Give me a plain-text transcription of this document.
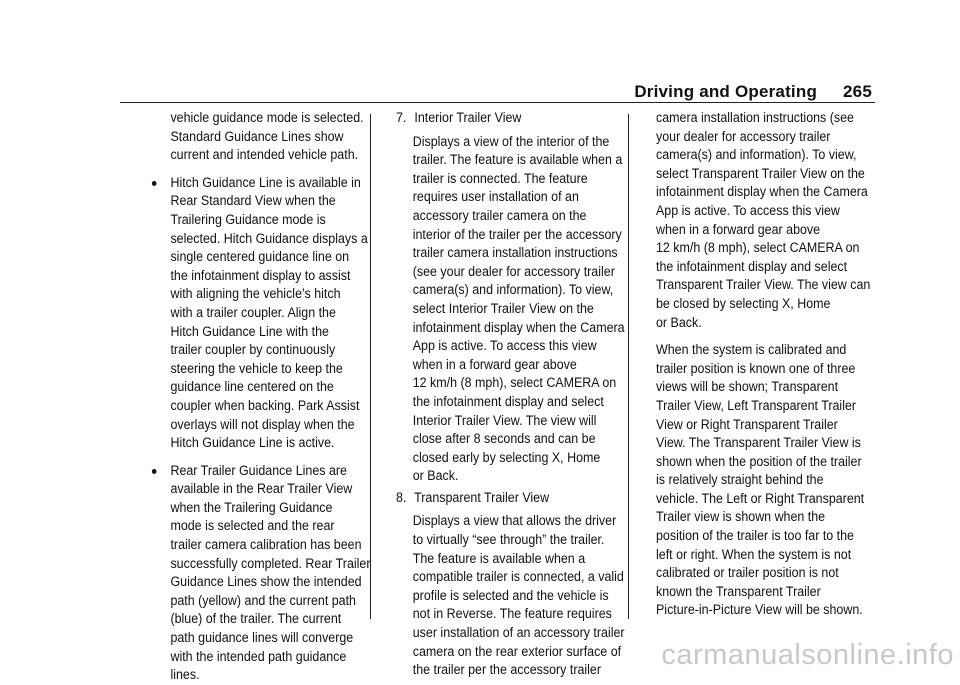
Driving and Operating 265
vehicle guidance mode is selected.
Standard Guidance Lines show
current and intended vehicle path.
Hitch Guidance Line is available in
Rear Standard View when the
Trailering Guidance mode is
selected. Hitch Guidance displays a
single centered guidance line on
the infotainment display to assist
with aligning the vehicle’s hitch
with a trailer coupler. Align the
Hitch Guidance Line with the
trailer coupler by continuously
steering the vehicle to keep the
guidance line centered on the
coupler when backing. Park Assist
overlays will not display when the
Hitch Guidance Line is active.
Rear Trailer Guidance Lines are
available in the Rear Trailer View
when the Trailering Guidance
mode is selected and the rear
trailer camera calibration has been
successfully completed. Rear Trailer
Guidance Lines show the intended
path (yellow) and the current path
(blue) of the trailer. The current
path guidance lines will converge
with the intended path guidance
lines.
7. Interior Trailer View
Displays a view of the interior of the
trailer. The feature is available when a
trailer is connected. The feature
requires user installation of an
accessory trailer camera on the
interior of the trailer per the accessory
trailer camera installation instructions
(see your dealer for accessory trailer
camera(s) and information). To view,
select Interior Trailer View on the
infotainment display when the Camera
App is active. To access this view
when in a forward gear above
12 km/h (8 mph), select CAMERA on
the infotainment display and select
Interior Trailer View. The view will
close after 8 seconds and can be
closed early by selecting X, Home
or Back.
8. Transparent Trailer View
Displays a view that allows the driver
to virtually “see through” the trailer.
The feature is available when a
compatible trailer is connected, a valid
profile is selected and the vehicle is
not in Reverse. The feature requires
user installation of an accessory trailer
camera on the rear exterior surface of
the trailer per the accessory trailer
camera installation instructions (see
your dealer for accessory trailer
camera(s) and information). To view,
select Transparent Trailer View on the
infotainment display when the Camera
App is active. To access this view
when in a forward gear above
12 km/h (8 mph), select CAMERA on
the infotainment display and select
Transparent Trailer View. The view can
be closed by selecting X, Home
or Back.
When the system is calibrated and
trailer position is known one of three
views will be shown; Transparent
Trailer View, Left Transparent Trailer
View or Right Transparent Trailer
View. The Transparent Trailer View is
shown when the position of the trailer
is relatively straight behind the
vehicle. The Left or Right Transparent
Trailer view is shown when the
position of the trailer is too far to the
left or right. When the system is not
calibrated or trailer position is not
known the Transparent Trailer
Picture-in-Picture View will be shown.
carmanualsonline.info
